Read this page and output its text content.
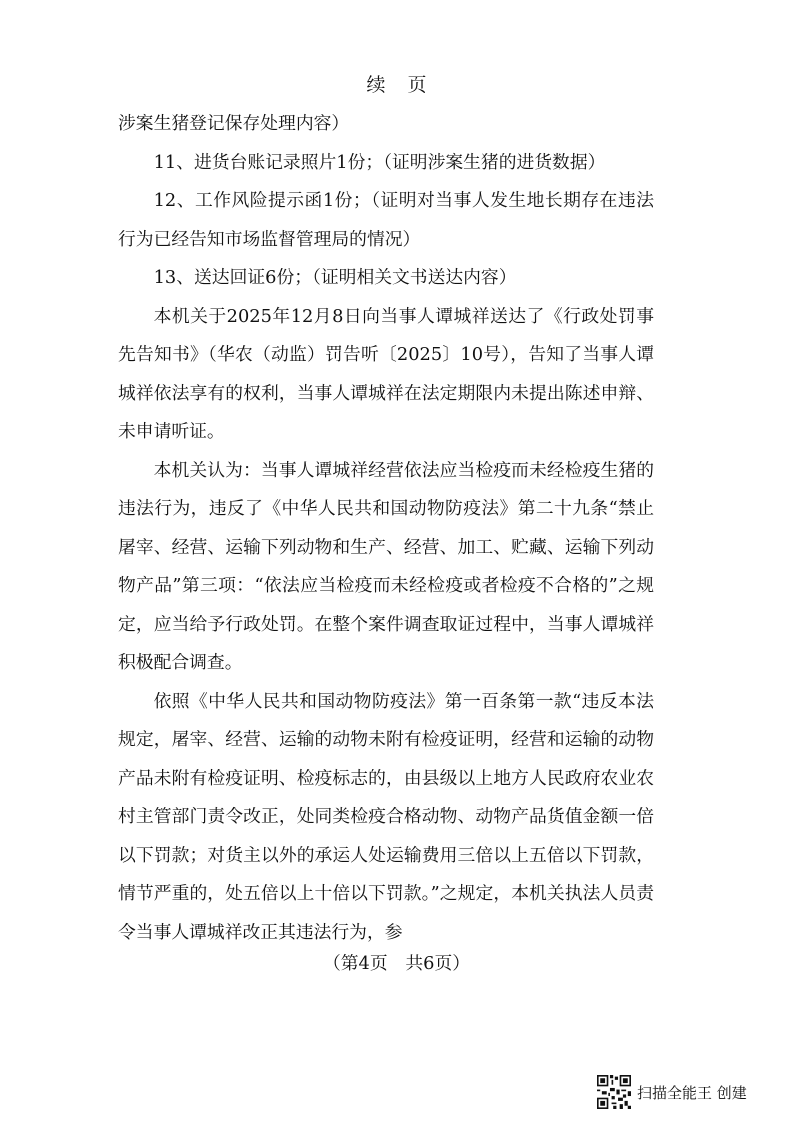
续页

涉案生猪登记保存处理内容）

11、进货台账记录照片1份；（证明涉案生猪的进货数据）

12、工作风险提示函1份；（证明对当事人发生地长期存在违法行为已经告知市场监督管理局的情况）

13、送达回证6份；（证明相关文书送达内容）

本机关于2025年12月8日向当事人谭城祥送达了《行政处罚事先告知书》（华农（动监）罚告听〔2025〕10号），告知了当事人谭城祥依法享有的权利，当事人谭城祥在法定期限内未提出陈述申辩、未申请听证。

本机关认为：当事人谭城祥经营依法应当检疫而未经检疫生猪的违法行为，违反了《中华人民共和国动物防疫法》第二十九条“禁止屠宰、经营、运输下列动物和生产、经营、加工、贮藏、运输下列动物产品”第三项：“依法应当检疫而未经检疫或者检疫不合格的”之规定，应当给予行政处罚。在整个案件调查取证过程中，当事人谭城祥积极配合调查。

依照《中华人民共和国动物防疫法》第一百条第一款“违反本法规定，屠宰、经营、运输的动物未附有检疫证明，经营和运输的动物产品未附有检疫证明、检疫标志的，由县级以上地方人民政府农业农村主管部门责令改正，处同类检疫合格动物、动物产品货值金额一倍以下罚款；对货主以外的承运人处运输费用三倍以上五倍以下罚款，情节严重的，处五倍以上十倍以下罚款。”之规定，本机关执法人员责令当事人谭城祥改正其违法行为，参

（第4页　共6页）
扫描全能王 创建
